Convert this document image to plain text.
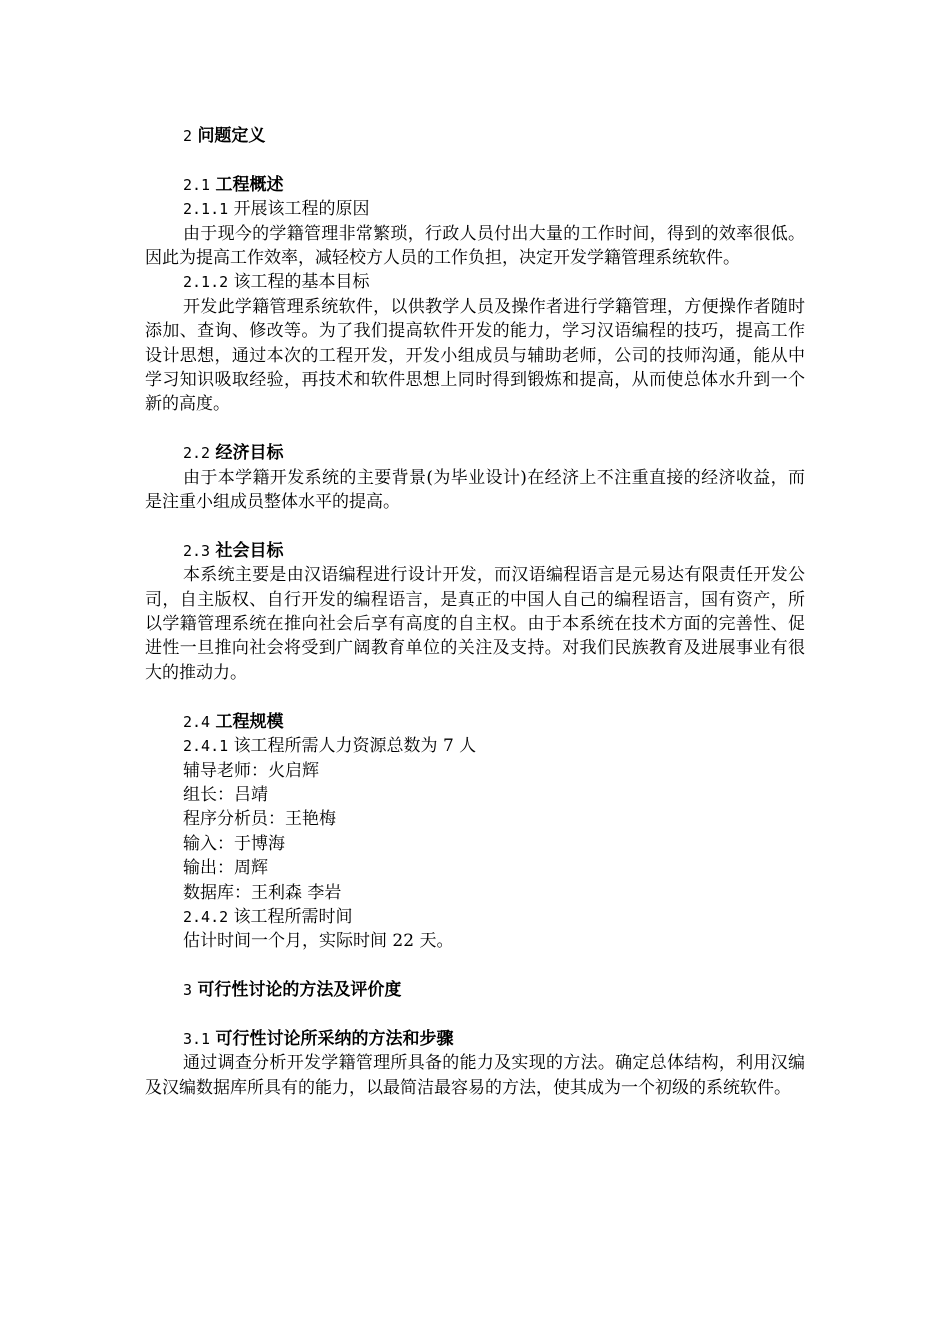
2 问题定义
2.1 工程概述
2.1.1 开展该工程的原因
由于现今的学籍管理非常繁琐，行政人员付出大量的工作时间，得到的效率很低。因此为提高工作效率，减轻校方人员的工作负担，决定开发学籍管理系统软件。
2.1.2 该工程的基本目标
开发此学籍管理系统软件，以供教学人员及操作者进行学籍管理，方便操作者随时添加、查询、修改等。为了我们提高软件开发的能力，学习汉语编程的技巧，提高工作设计思想，通过本次的工程开发，开发小组成员与辅助老师，公司的技师沟通，能从中学习知识吸取经验，再技术和软件思想上同时得到锻炼和提高，从而使总体水升到一个新的高度。
2.2 经济目标
由于本学籍开发系统的主要背景(为毕业设计)在经济上不注重直接的经济收益，而是注重小组成员整体水平的提高。
2.3 社会目标
本系统主要是由汉语编程进行设计开发，而汉语编程语言是元易达有限责任开发公司，自主版权、自行开发的编程语言，是真正的中国人自己的编程语言，国有资产，所以学籍管理系统在推向社会后享有高度的自主权。由于本系统在技术方面的完善性、促进性一旦推向社会将受到广阔教育单位的关注及支持。对我们民族教育及进展事业有很大的推动力。
2.4 工程规模
2.4.1 该工程所需人力资源总数为 7 人
辅导老师：火启辉
组长：吕靖
程序分析员：王艳梅
输入：于博海
输出：周辉
数据库：王利森 李岩
2.4.2 该工程所需时间
估计时间一个月，实际时间 22 天。
3 可行性讨论的方法及评价度
3.1 可行性讨论所采纳的方法和步骤
通过调查分析开发学籍管理所具备的能力及实现的方法。确定总体结构，利用汉编及汉编数据库所具有的能力，以最简洁最容易的方法，使其成为一个初级的系统软件。
